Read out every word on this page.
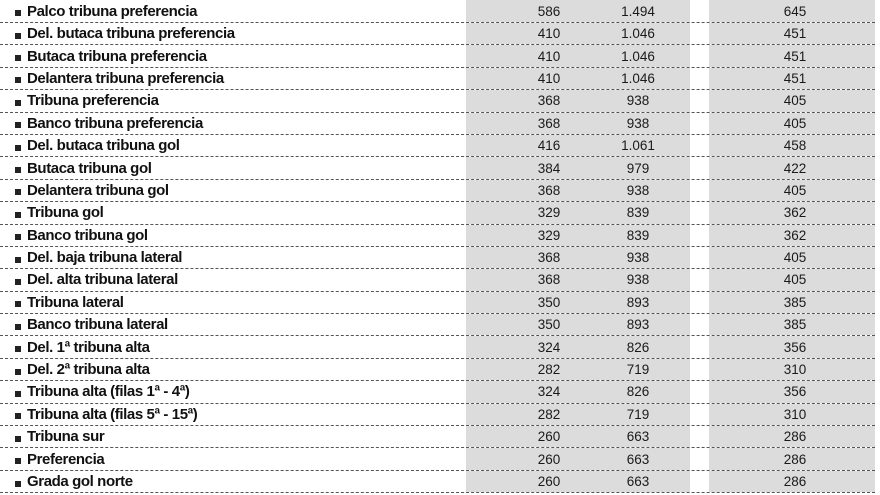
Palco tribuna preferencia	586	1.494	645
Del. butaca tribuna preferencia	410	1.046	451
Butaca tribuna preferencia	410	1.046	451
Delantera tribuna preferencia	410	1.046	451
Tribuna preferencia	368	938	405
Banco tribuna preferencia	368	938	405
Del. butaca tribuna gol	416	1.061	458
Butaca tribuna gol	384	979	422
Delantera tribuna gol	368	938	405
Tribuna gol	329	839	362
Banco tribuna gol	329	839	362
Del. baja tribuna lateral	368	938	405
Del. alta tribuna lateral	368	938	405
Tribuna lateral	350	893	385
Banco tribuna lateral	350	893	385
Del. 1ª tribuna alta	324	826	356
Del. 2ª tribuna alta	282	719	310
Tribuna alta (filas 1ª - 4ª)	324	826	356
Tribuna alta (filas 5ª - 15ª)	282	719	310
Tribuna sur	260	663	286
Preferencia	260	663	286
Grada gol norte	260	663	286
